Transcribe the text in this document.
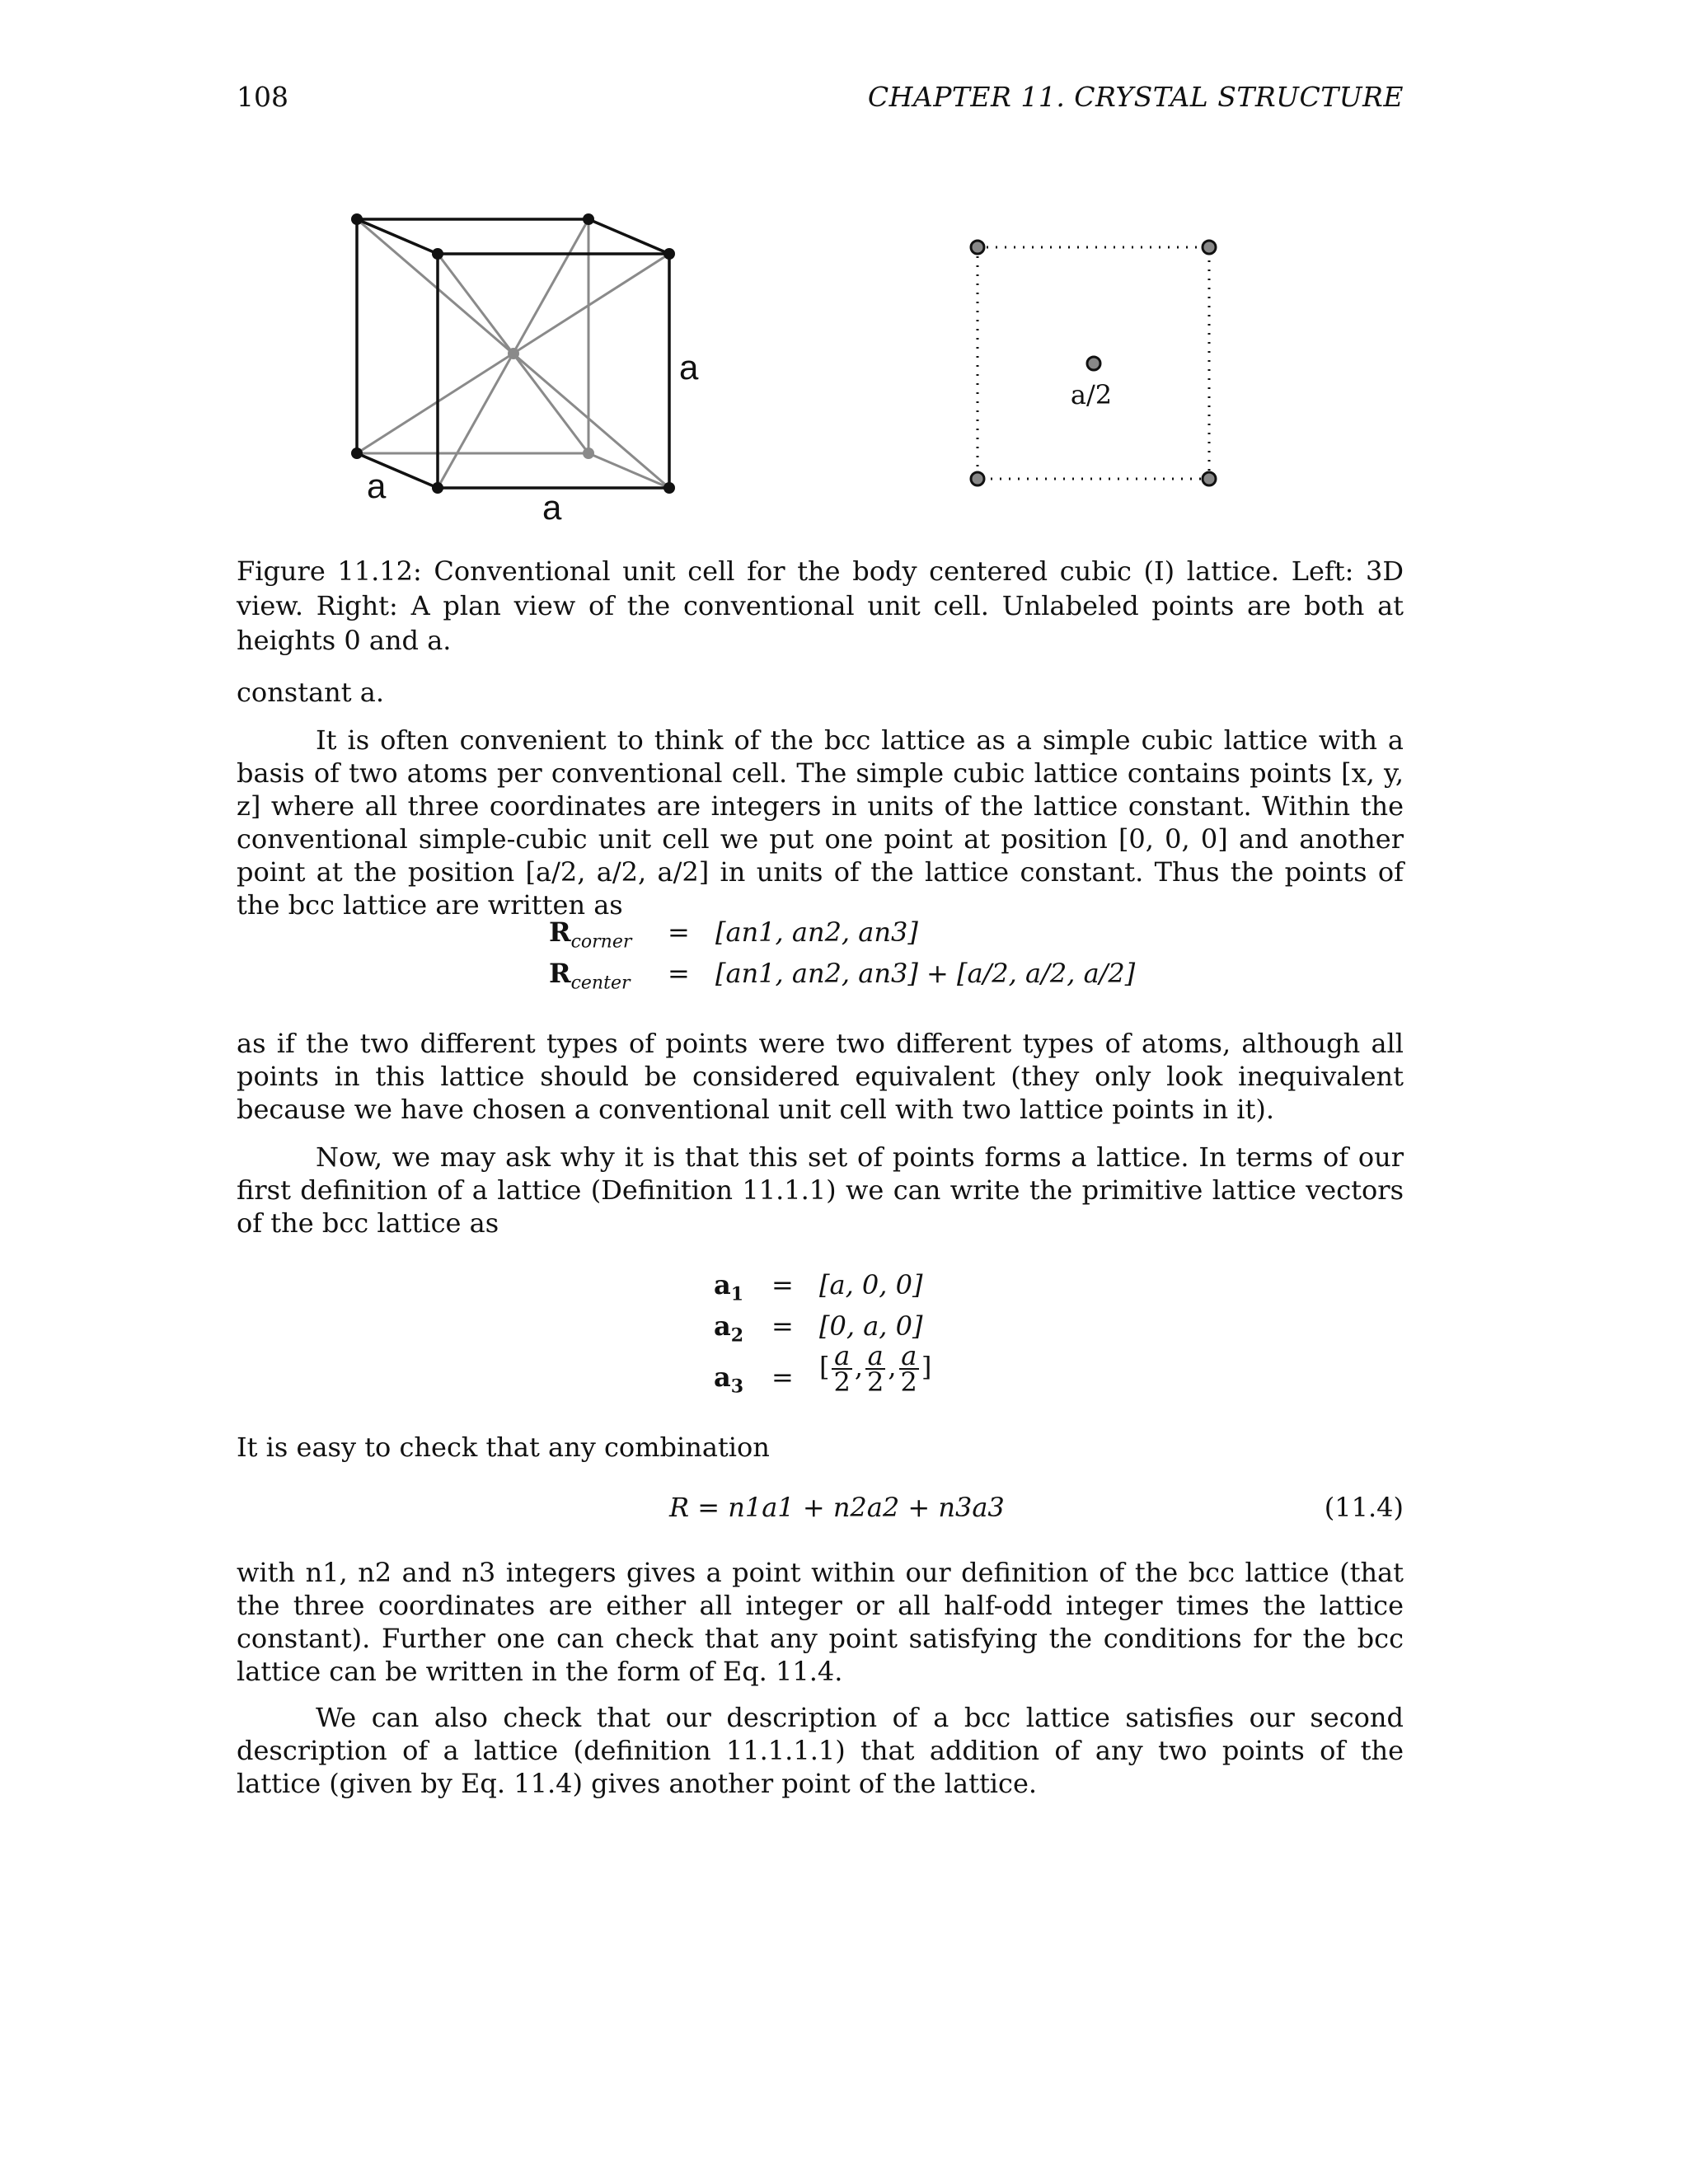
108	CHAPTER 11. CRYSTAL STRUCTURE
a
a
a
a/2
Figure 11.12: Conventional unit cell for the body centered cubic (I) lattice. Left: 3D view. Right: A plan view of the conventional unit cell. Unlabeled points are both at heights 0 and a.
constant a.
It is often convenient to think of the bcc lattice as a simple cubic lattice with a basis of two atoms per conventional cell. The simple cubic lattice contains points [x, y, z] where all three coordinates are integers in units of the lattice constant. Within the conventional simple-cubic unit cell we put one point at position [0, 0, 0] and another point at the position [a/2, a/2, a/2] in units of the lattice constant. Thus the points of the bcc lattice are written as
$R_{corner} = [an1$, an2, an3]
$R_{center} = [an1$, an2, an3] + [a/2, a/2, a/2]
as if the two different types of points were two different types of atoms, although all points in this lattice should be considered equivalent (they only look inequivalent because we have chosen a conventional unit cell with two lattice points in it).
Now, we may ask why it is that this set of points forms a lattice. In terms of our first definition of a lattice (Definition 11.1.1) we can write the primitive lattice vectors of the bcc lattice as
$a_1 = [a$, 0, 0]
$a_2 = [0$, a, 0]
$a_3$ = [ $\frac{a}{2}$ , $\frac{a}{2}$ , $\frac{a}{2}$ ]
It is easy to check that any combination
R = n1a1 + n2a2 + n3a3	(11.4)
with n1, n2 and n3 integers gives a point within our definition of the bcc lattice (that the three coordinates are either all integer or all half-odd integer times the lattice constant). Further one can check that any point satisfying the conditions for the bcc lattice can be written in the form of Eq. 11.4.
We can also check that our description of a bcc lattice satisfies our second description of a lattice (definition 11.1.1.1) that addition of any two points of the lattice (given by Eq. 11.4) gives another point of the lattice.
